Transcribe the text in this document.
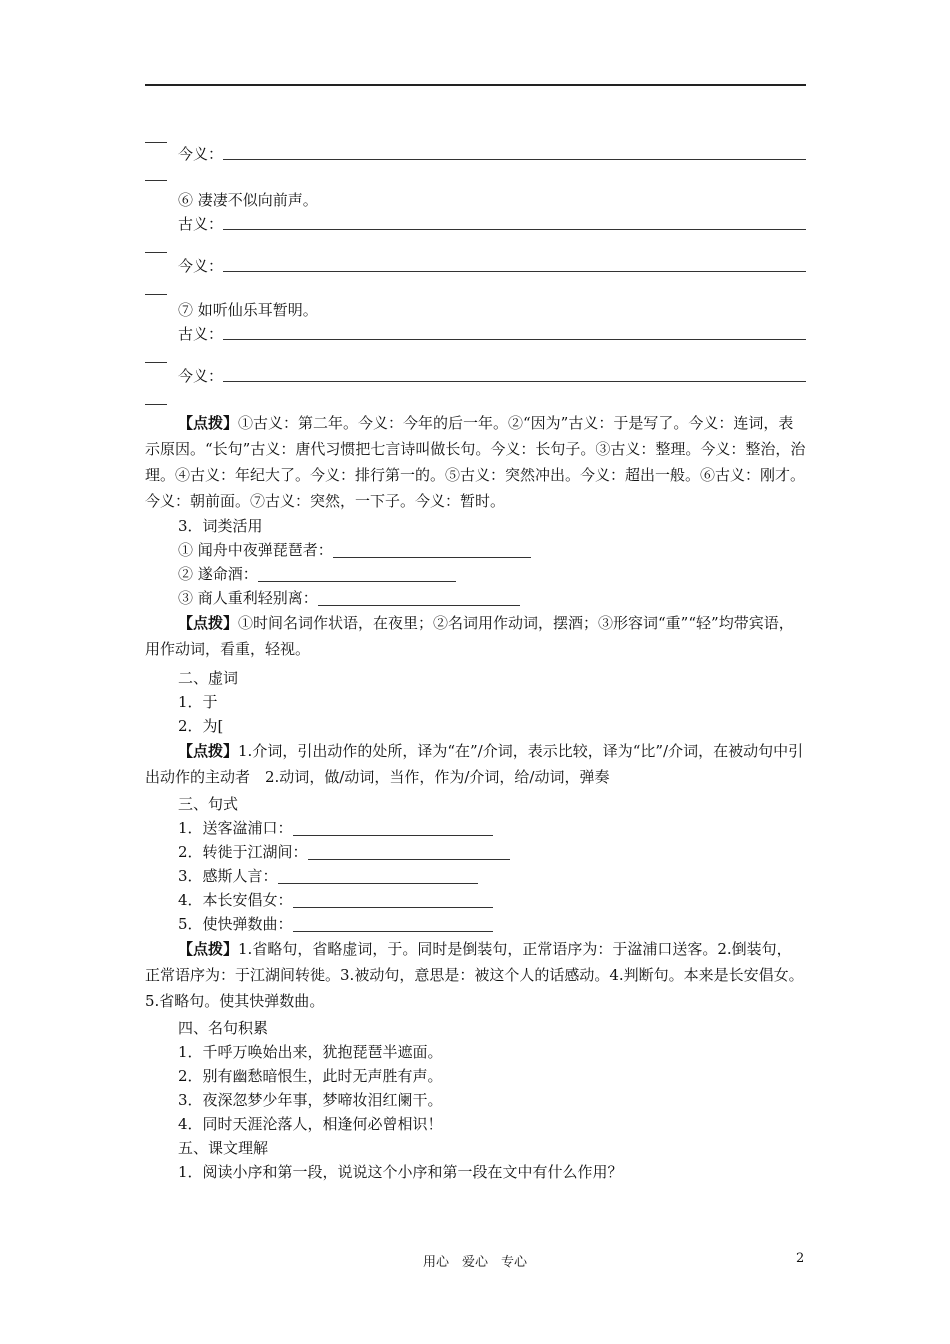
今义：
⑥ 凄凄不似向前声。
古义：
今义：
⑦ 如听仙乐耳暂明。
古义：
今义：
【点拨】①古义：第二年。今义：今年的后一年。②“因为”古义：于是写了。今义：连词，表示原因。“长句”古义：唐代习惯把七言诗叫做长句。今义：长句子。③古义：整理。今义：整治，治理。④古义：年纪大了。今义：排行第一的。⑤古义：突然冲出。今义：超出一般。⑥古义：刚才。今义：朝前面。⑦古义：突然，一下子。今义：暂时。
3．词类活用
① 闻舟中夜弹琵琶者：
② 遂命酒：
③ 商人重利轻别离：
【点拨】①时间名词作状语，在夜里；②名词用作动词，摆酒；③形容词“重”“轻”均带宾语，用作动词，看重，轻视。
二、虚词
1．于
2．为[
【点拨】1.介词，引出动作的处所，译为“在”/介词，表示比较，译为“比”/介词，在被动句中引出动作的主动者　2.动词，做/动词，当作，作为/介词，给/动词，弹奏
三、句式
1．送客湓浦口：
2．转徙于江湖间：
3．感斯人言：
4．本长安倡女：
5．使快弹数曲：
【点拨】1.省略句，省略虚词，于。同时是倒装句，正常语序为：于湓浦口送客。2.倒装句，正常语序为：于江湖间转徙。3.被动句，意思是：被这个人的话感动。4.判断句。本来是长安倡女。5.省略句。使其快弹数曲。
四、名句积累
1．千呼万唤始出来，犹抱琵琶半遮面。
2．别有幽愁暗恨生，此时无声胜有声。
3．夜深忽梦少年事，梦啼妆泪红阑干。
4．同时天涯沦落人，相逢何必曾相识！
五、课文理解
1．阅读小序和第一段，说说这个小序和第一段在文中有什么作用？
用心　爱心　专心	2
